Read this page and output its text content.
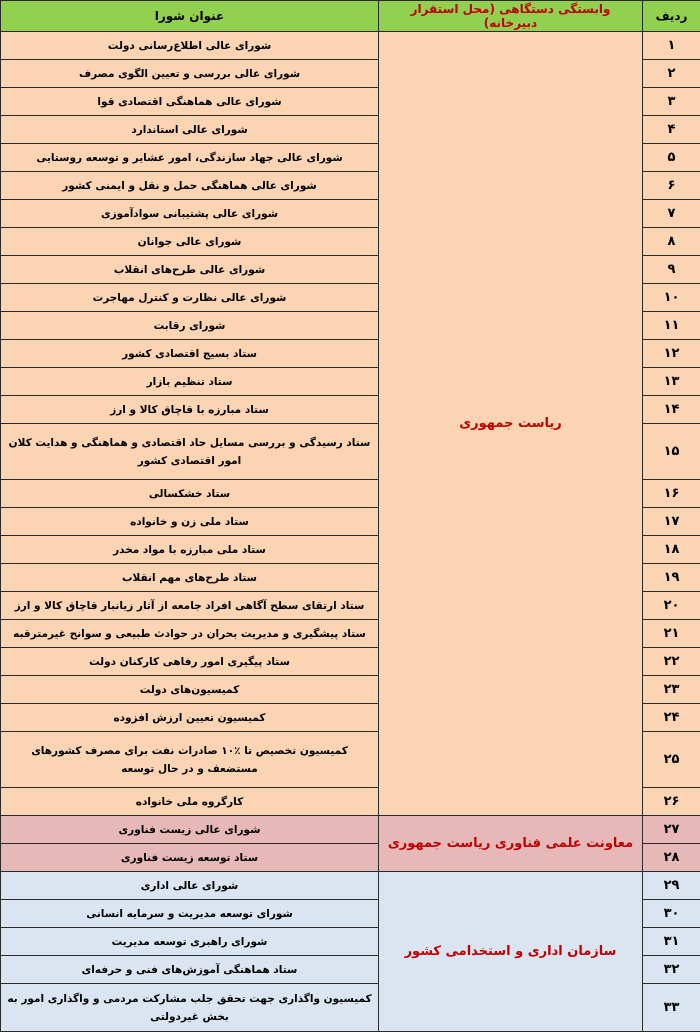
ردیف	وابستگی دستگاهی (محل استقرار دبیرخانه)	عنوان شورا
۱	ریاست جمهوری	شورای عالی اطلاع‌رسانی دولت
۲		شورای عالی بررسی و تعیین الگوی مصرف
۳		شورای عالی هماهنگی اقتصادی قوا
۴		شورای عالی استاندارد
۵		شورای عالی جهاد سازندگی، امور عشایر و توسعه روستایی
۶		شورای عالی هماهنگی حمل و نقل و ایمنی کشور
۷		شورای عالی پشتیبانی سوادآموزی
۸		شورای عالی جوانان
۹		شورای عالی طرح‌های انقلاب
۱۰		شورای عالی نظارت و کنترل مهاجرت
۱۱		شورای رقابت
۱۲		ستاد بسیج اقتصادی کشور
۱۳		ستاد تنظیم بازار
۱۴		ستاد مبارزه با قاچاق کالا و ارز
۱۵		ستاد رسیدگی و بررسی مسایل حاد اقتصادی و هماهنگی و هدایت کلان امور اقتصادی کشور
۱۶		ستاد خشکسالی
۱۷		ستاد ملی زن و خانواده
۱۸		ستاد ملی مبارزه با مواد مخدر
۱۹		ستاد طرح‌های مهم انقلاب
۲۰		ستاد ارتقای سطح آگاهی افراد جامعه از آثار زیانبار قاچاق کالا و ارز
۲۱		ستاد پیشگیری و مدیریت بحران در حوادث طبیعی و سوانح غیرمترقبه
۲۲		ستاد پیگیری امور رفاهی کارکنان دولت
۲۳		کمیسیون‌های دولت
۲۴		کمیسیون تعیین ارزش افزوده
۲۵		کمیسیون تخصیص تا ٪۱۰ صادرات نفت برای مصرف کشورهای مستضعف و در حال توسعه
۲۶		کارگروه ملی خانواده
۲۷	معاونت علمی فناوری ریاست جمهوری	شورای عالی زیست فناوری
۲۸		ستاد توسعه زیست فناوری
۲۹	سازمان اداری و استخدامی کشور	شورای عالی اداری
۳۰		شورای توسعه مدیریت و سرمایه انسانی
۳۱		شورای راهبری توسعه مدیریت
۳۲		ستاد هماهنگی آموزش‌های فنی و حرفه‌ای
۳۳		کمیسیون واگذاری جهت تحقق جلب مشارکت مردمی و واگذاری امور به بخش غیردولتی
